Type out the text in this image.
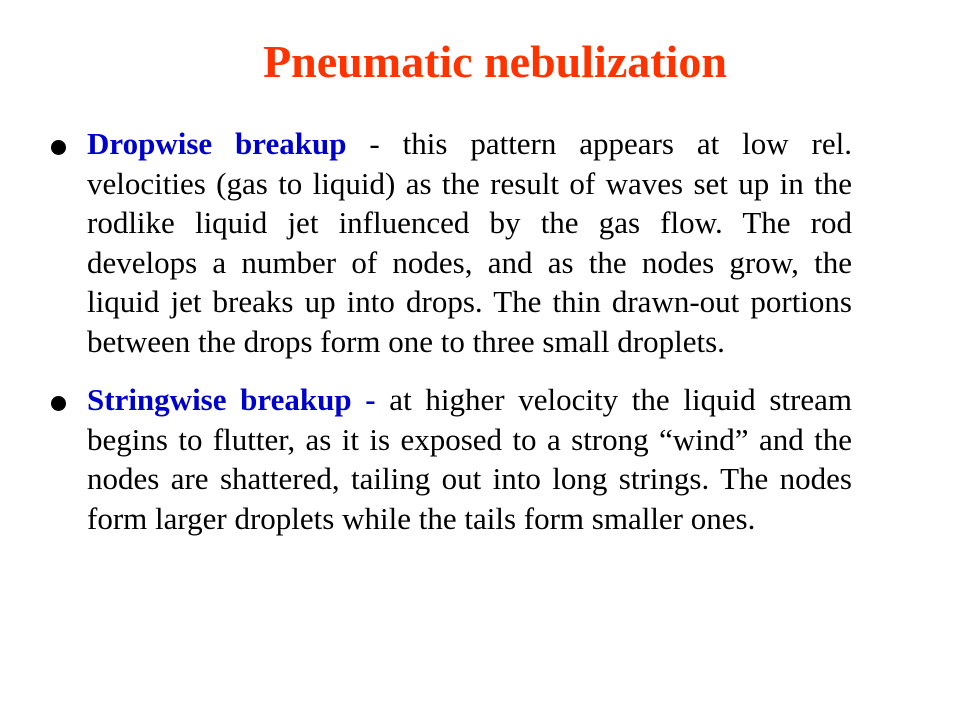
Pneumatic nebulization

Dropwise breakup - this pattern appears at low rel. velocities (gas to liquid) as the result of waves set up in the rodlike liquid jet influenced by the gas flow. The rod develops a number of nodes, and as the nodes grow, the liquid jet breaks up into drops. The thin drawn-out portions between the drops form one to three small droplets.

Stringwise breakup - at higher velocity the liquid stream begins to flutter, as it is exposed to a strong “wind” and the nodes are shattered, tailing out into long strings. The nodes form larger droplets while the tails form smaller ones.
